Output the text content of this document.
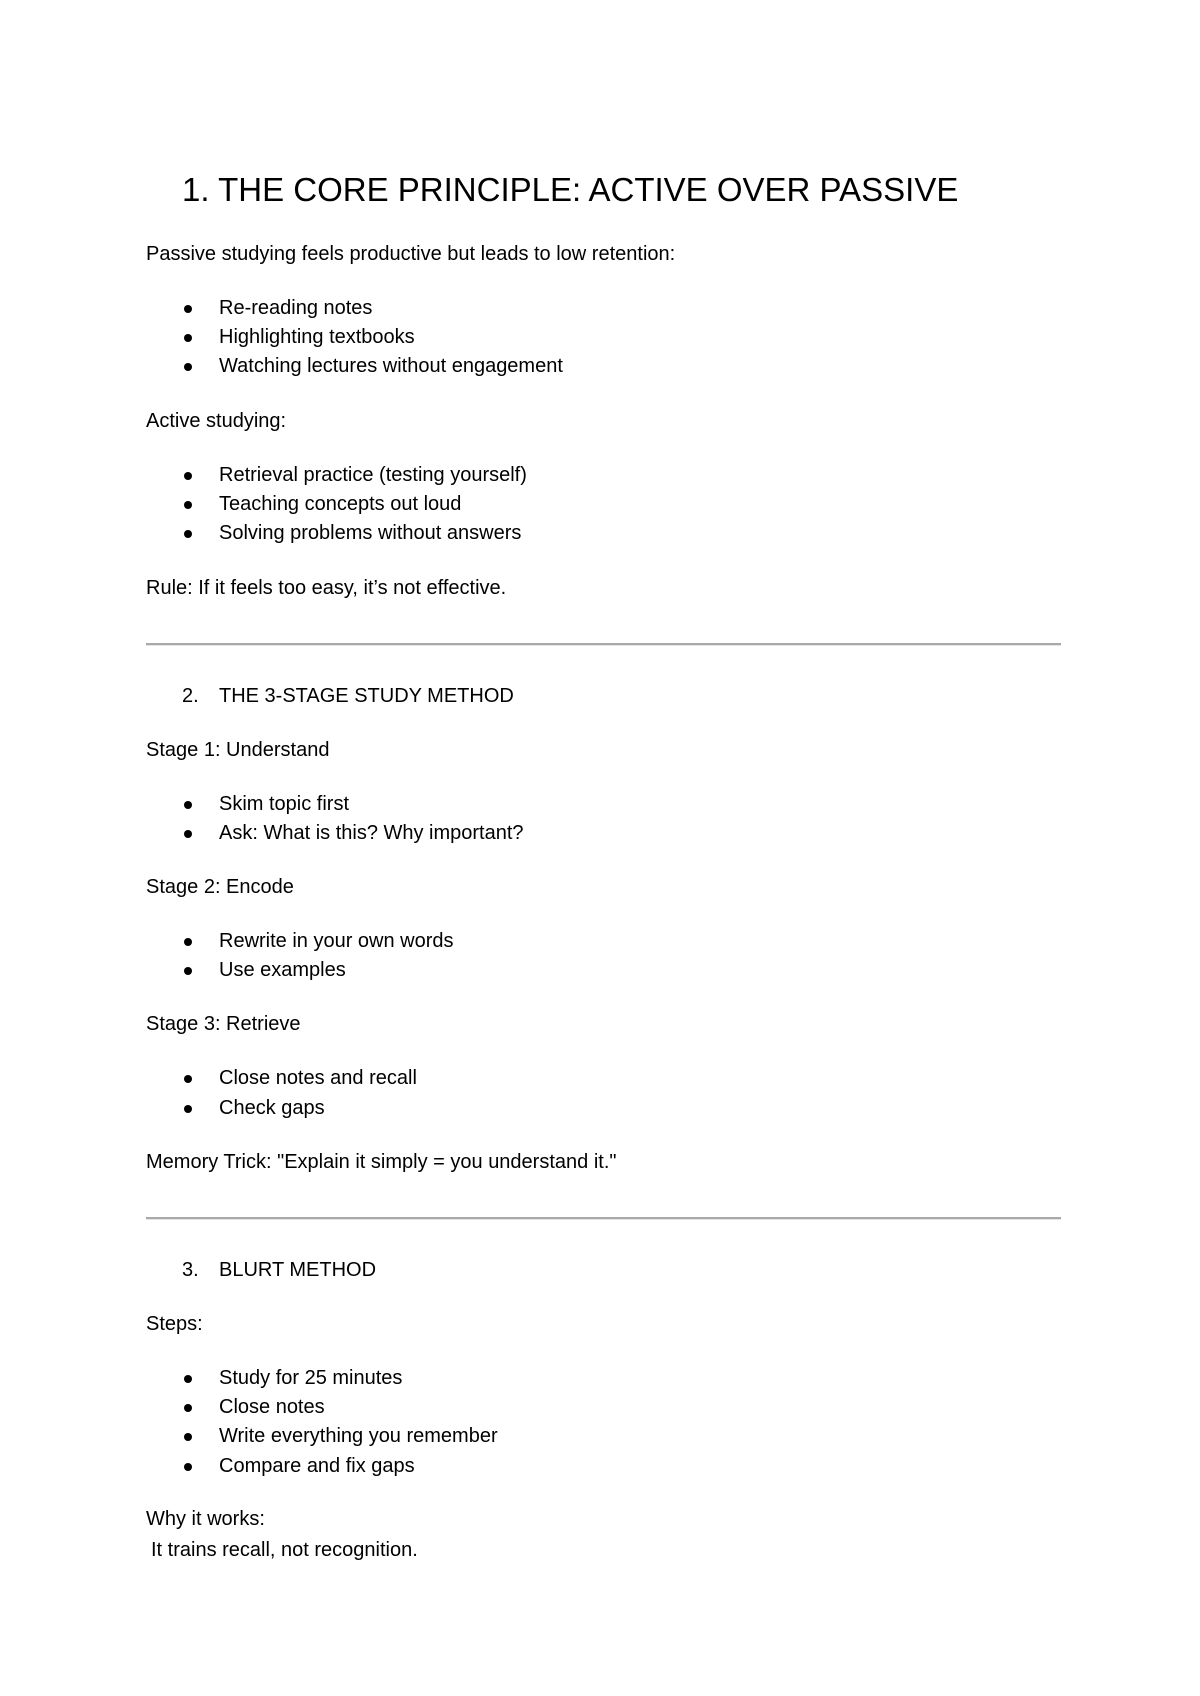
1. THE CORE PRINCIPLE: ACTIVE OVER PASSIVE
Passive studying feels productive but leads to low retention:
Re-reading notes
Highlighting textbooks
Watching lectures without engagement
Active studying:
Retrieval practice (testing yourself)
Teaching concepts out loud
Solving problems without answers
Rule: If it feels too easy, it’s not effective.
2. THE 3-STAGE STUDY METHOD
Stage 1: Understand
Skim topic first
Ask: What is this? Why important?
Stage 2: Encode
Rewrite in your own words
Use examples
Stage 3: Retrieve
Close notes and recall
Check gaps
Memory Trick: "Explain it simply = you understand it."
3. BLURT METHOD
Steps:
Study for 25 minutes
Close notes
Write everything you remember
Compare and fix gaps
Why it works:
It trains recall, not recognition.
